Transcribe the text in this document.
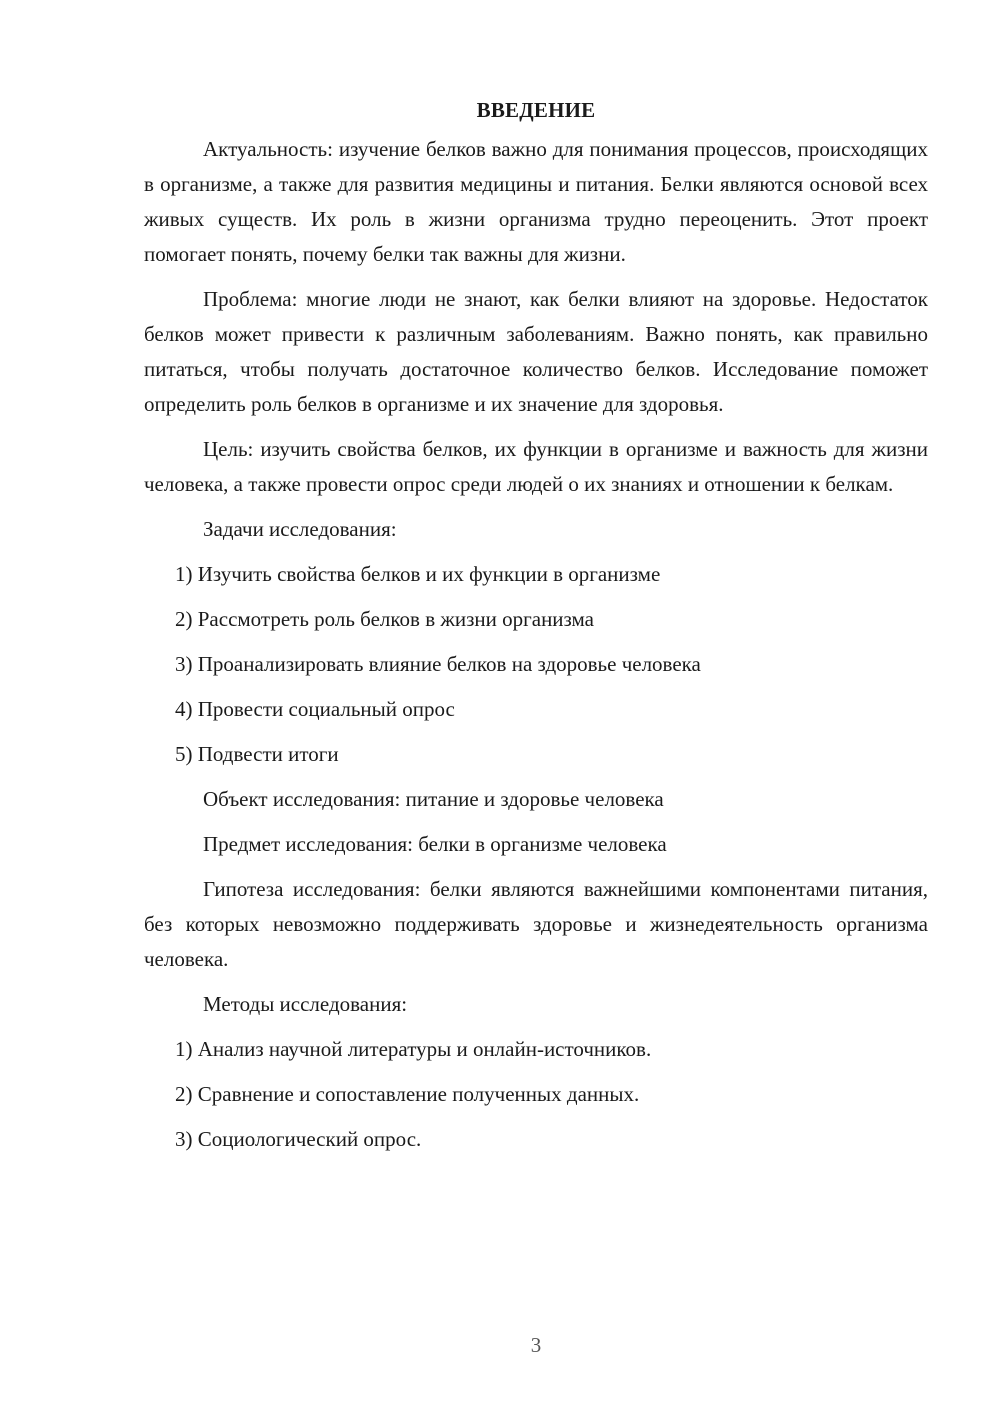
ВВЕДЕНИЕ
Актуальность: изучение белков важно для понимания процессов, происходящих в организме, а также для развития медицины и питания. Белки являются основой всех живых существ. Их роль в жизни организма трудно переоценить. Этот проект помогает понять, почему белки так важны для жизни.
Проблема: многие люди не знают, как белки влияют на здоровье. Недостаток белков может привести к различным заболеваниям. Важно понять, как правильно питаться, чтобы получать достаточное количество белков. Исследование поможет определить роль белков в организме и их значение для здоровья.
Цель: изучить свойства белков, их функции в организме и важность для жизни человека, а также провести опрос среди людей о их знаниях и отношении к белкам.
Задачи исследования:
1) Изучить свойства белков и их функции в организме
2) Рассмотреть роль белков в жизни организма
3) Проанализировать влияние белков на здоровье человека
4) Провести социальный опрос
5) Подвести итоги
Объект исследования: питание и здоровье человека
Предмет исследования: белки в организме человека
Гипотеза исследования: белки являются важнейшими компонентами питания, без которых невозможно поддерживать здоровье и жизнедеятельность организма человека.
Методы исследования:
1) Анализ научной литературы и онлайн-источников.
2) Сравнение и сопоставление полученных данных.
3) Социологический опрос.
3
